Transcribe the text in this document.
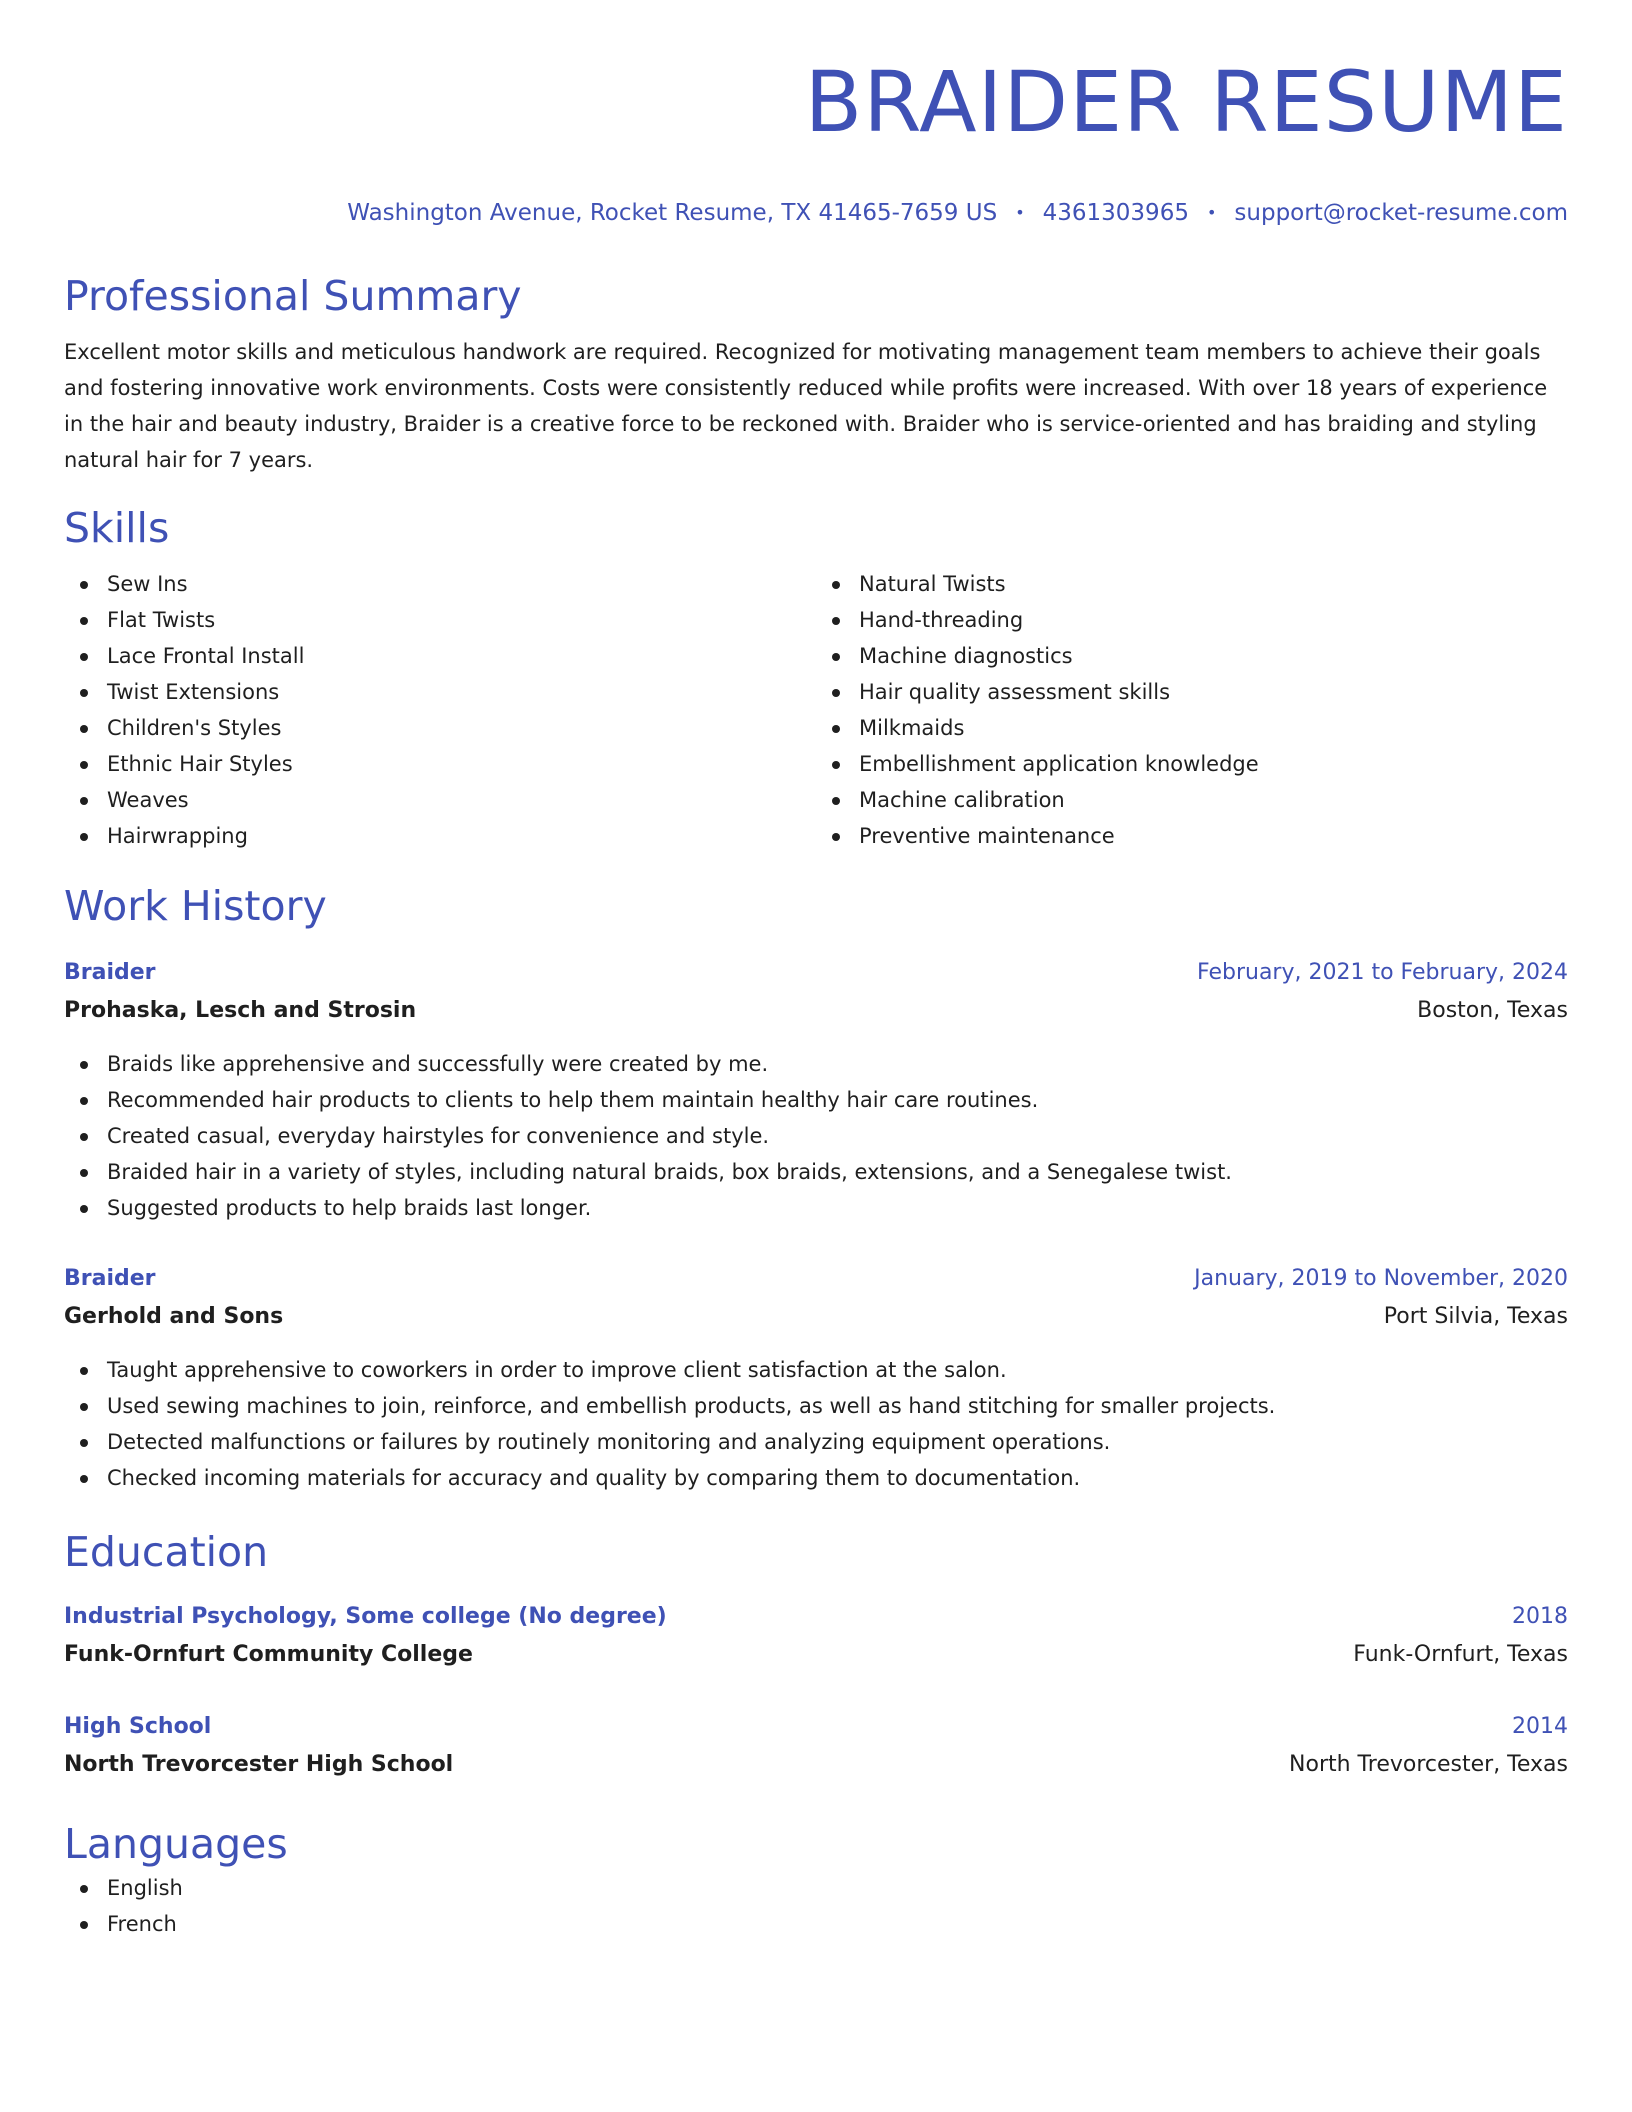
BRAIDER RESUME
Washington Avenue, Rocket Resume, TX 41465-7659 US • 4361303965 • support@rocket-resume.com
Professional Summary
Excellent motor skills and meticulous handwork are required. Recognized for motivating management team members to achieve their goals and fostering innovative work environments. Costs were consistently reduced while profits were increased. With over 18 years of experience in the hair and beauty industry, Braider is a creative force to be reckoned with. Braider who is service-oriented and has braiding and styling natural hair for 7 years.
Skills
Sew Ins
Flat Twists
Lace Frontal Install
Twist Extensions
Children's Styles
Ethnic Hair Styles
Weaves
Hairwrapping
Natural Twists
Hand-threading
Machine diagnostics
Hair quality assessment skills
Milkmaids
Embellishment application knowledge
Machine calibration
Preventive maintenance
Work History
Braider	February, 2021 to February, 2024
Prohaska, Lesch and Strosin	Boston, Texas
Braids like apprehensive and successfully were created by me.
Recommended hair products to clients to help them maintain healthy hair care routines.
Created casual, everyday hairstyles for convenience and style.
Braided hair in a variety of styles, including natural braids, box braids, extensions, and a Senegalese twist.
Suggested products to help braids last longer.
Braider	January, 2019 to November, 2020
Gerhold and Sons	Port Silvia, Texas
Taught apprehensive to coworkers in order to improve client satisfaction at the salon.
Used sewing machines to join, reinforce, and embellish products, as well as hand stitching for smaller projects.
Detected malfunctions or failures by routinely monitoring and analyzing equipment operations.
Checked incoming materials for accuracy and quality by comparing them to documentation.
Education
Industrial Psychology, Some college (No degree)	2018
Funk-Ornfurt Community College	Funk-Ornfurt, Texas
High School	2014
North Trevorcester High School	North Trevorcester, Texas
Languages
English
French
